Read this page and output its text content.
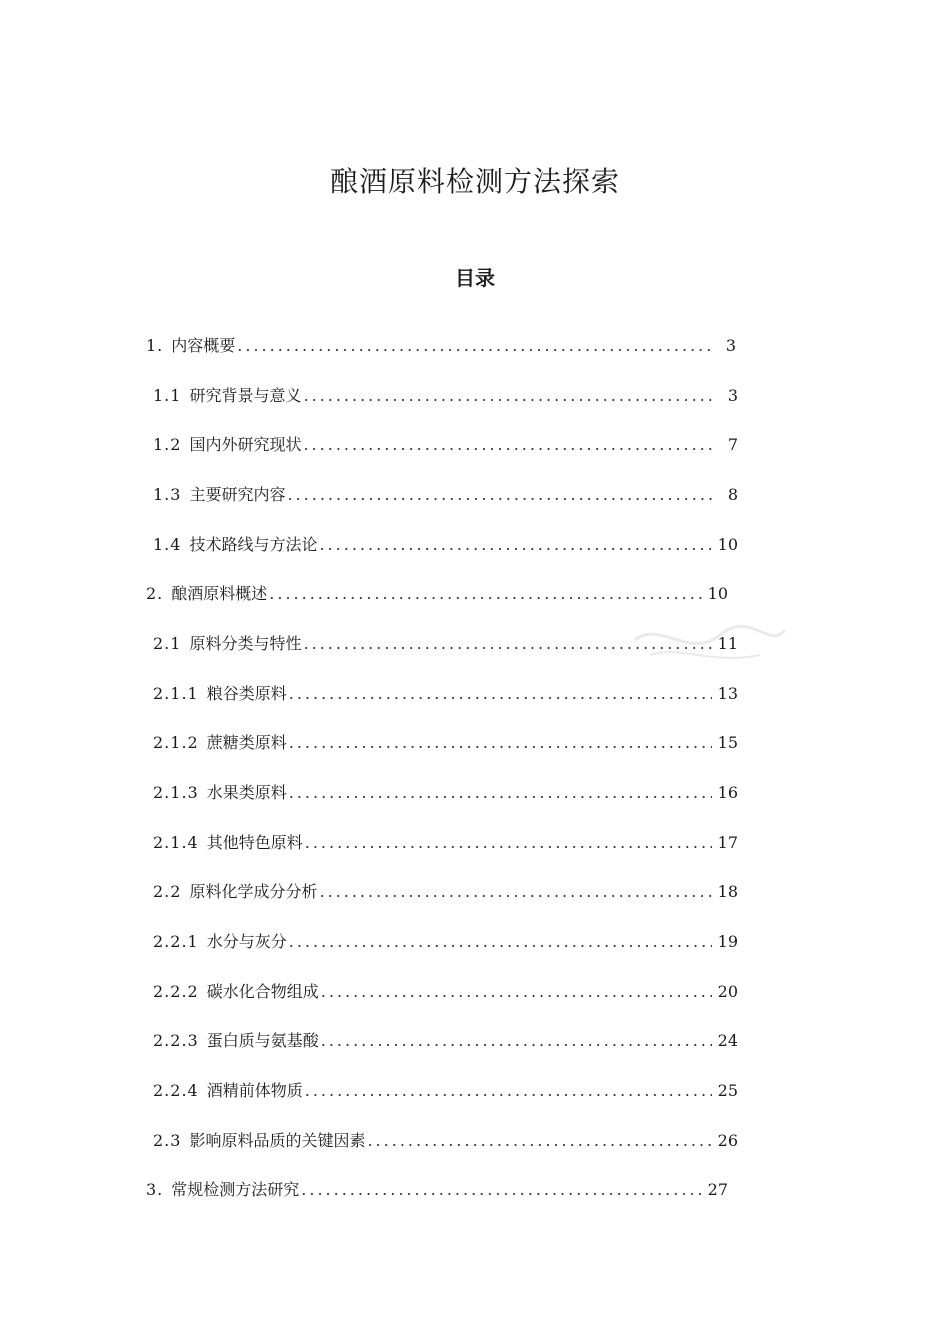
酿酒原料检测方法探索
目录
1. 内容概要 .....	3
1.1 研究背景与意义 .....	3
1.2 国内外研究现状 .....	7
1.3 主要研究内容 .....	8
1.4 技术路线与方法论 .....	10
2. 酿酒原料概述 .....	10
2.1 原料分类与特性 .....	11
2.1.1 粮谷类原料 .....	13
2.1.2 蔗糖类原料 .....	15
2.1.3 水果类原料 .....	16
2.1.4 其他特色原料 .....	17
2.2 原料化学成分分析 .....	18
2.2.1 水分与灰分 .....	19
2.2.2 碳水化合物组成 .....	20
2.2.3 蛋白质与氨基酸 .....	24
2.2.4 酒精前体物质 .....	25
2.3 影响原料品质的关键因素 .....	26
3. 常规检测方法研究 .....	27
